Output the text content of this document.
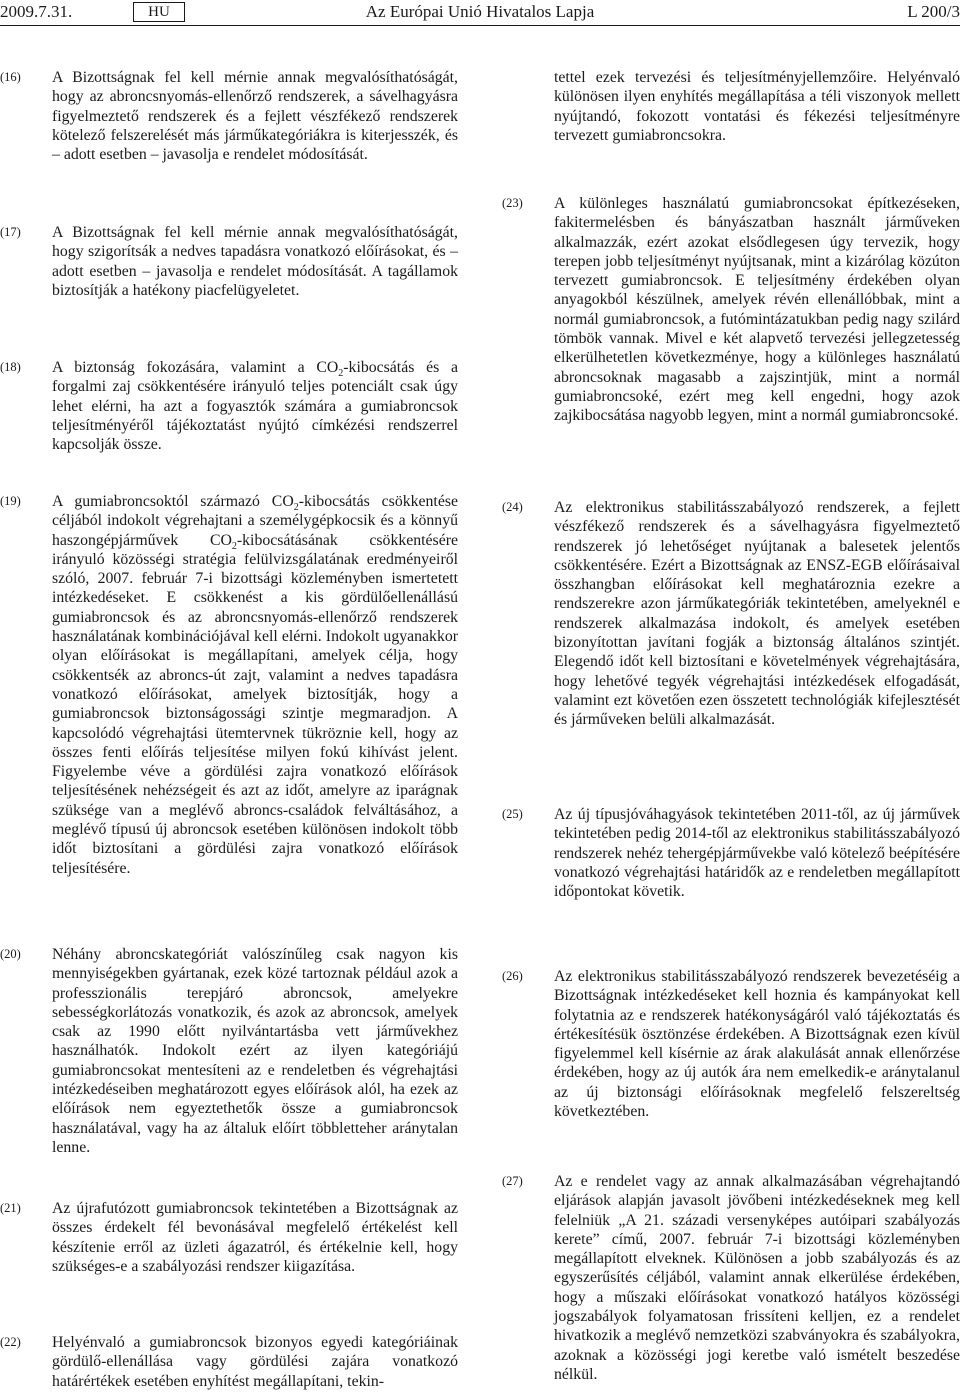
2009.7.31.	HU	Az Európai Unió Hivatalos Lapja	L 200/3
(16) A Bizottságnak fel kell mérnie annak megvalósíthatóságát, hogy az abroncsnyomás-ellenőrző rendszerek, a sávelhagyásra figyelmeztető rendszerek és a fejlett vészfékező rendszerek kötelező felszerelését más járműkategóriákra is kiterjesszék, és – adott esetben – javasolja e rendelet módosítását.
(17) A Bizottságnak fel kell mérnie annak megvalósíthatóságát, hogy szigorítsák a nedves tapadásra vonatkozó előírásokat, és – adott esetben – javasolja e rendelet módosítását. A tagállamok biztosítják a hatékony piacfelügyeletet.
(18) A biztonság fokozására, valamint a $CO_2$-kibocsátás és a forgalmi zaj csökkentésére irányuló teljes potenciált csak úgy lehet elérni, ha azt a fogyasztók számára a gumiabroncsok teljesítményéről tájékoztatást nyújtó címkézési rendszerrel kapcsolják össze.
tettel ezek tervezési és teljesítményjellemzőire. Helyénvaló különösen ilyen enyhítés megállapítása a téli viszonyok mellett nyújtandó, fokozott vontatási és fékezési teljesítményre tervezett gumiabroncsokra.
(23) A különleges használatú gumiabroncsokat építkezéseken, fakitermelésben és bányászatban használt járműveken alkalmazzák, ezért azokat elsődlegesen úgy tervezik, hogy terepen jobb teljesítményt nyújtsanak, mint a kizárólag közúton tervezett gumiabroncsok. E teljesítmény érdekében olyan anyagokból készülnek, amelyek révén ellenállóbbak, mint a normál gumiabroncsok, a futómintázatukban pedig nagy szilárd tömbök vannak. Mivel e két alapvető tervezési jellegzetesség elkerülhetetlen következménye, hogy a különleges használatú abroncsoknak magasabb a zajszintjük, mint a normál gumiabroncsoké, ezért meg kell engedni, hogy azok zajkibocsátása nagyobb legyen, mint a normál gumiabroncsoké.
(19) A gumiabroncsoktól származó $CO_2$-kibocsátás csökkentése céljából indokolt végrehajtani a személygépkocsik és a könnyű haszongépjárművek $CO_2$-kibocsátásának csökkentésére irányuló közösségi stratégia felülvizsgálatának eredményeiről szóló, 2007. február 7-i bizottsági közleményben ismertetett intézkedéseket. E csökkenést a kis gördülőellenállású gumiabroncsok és az abroncsnyomás-ellenőrző rendszerek használatának kombinációjával kell elérni. Indokolt ugyanakkor olyan előírásokat is megállapítani, amelyek célja, hogy csökkentsék az abroncs-út zajt, valamint a nedves tapadásra vonatkozó előírásokat, amelyek biztosítják, hogy a gumiabroncsok biztonságossági szintje megmaradjon. A kapcsolódó végrehajtási ütemtervnek tükröznie kell, hogy az összes fenti előírás teljesítése milyen fokú kihívást jelent. Figyelembe véve a gördülési zajra vonatkozó előírások teljesítésének nehézségeit és azt az időt, amelyre az iparágnak szüksége van a meglévő abroncs-családok felváltásához, a meglévő típusú új abroncsok esetében különösen indokolt több időt biztosítani a gördülési zajra vonatkozó előírások teljesítésére.
(20) Néhány abroncskategóriát valószínűleg csak nagyon kis mennyiségekben gyártanak, ezek közé tartoznak például azok a professzionális terepjáró abroncsok, amelyekre sebességkorlátozás vonatkozik, és azok az abroncsok, amelyek csak az 1990 előtt nyilvántartásba vett járművekhez használhatók. Indokolt ezért az ilyen kategóriájú gumiabroncsokat mentesíteni az e rendeletben és végrehajtási intézkedéseiben meghatározott egyes előírások alól, ha ezek az előírások nem egyeztethetők össze a gumiabroncsok használatával, vagy ha az általuk előírt többletteher aránytalan lenne.
(21) Az újrafutózott gumiabroncsok tekintetében a Bizottságnak az összes érdekelt fél bevonásával megfelelő értékelést kell készítenie erről az üzleti ágazatról, és értékelnie kell, hogy szükséges-e a szabályozási rendszer kiigazítása.
(22) Helyénvaló a gumiabroncsok bizonyos egyedi kategóriáinak gördülő-ellenállása vagy gördülési zajára vonatkozó határértékek esetében enyhítést megállapítani, tekin-
(24) Az elektronikus stabilitásszabályozó rendszerek, a fejlett vészfékező rendszerek és a sávelhagyásra figyelmeztető rendszerek jó lehetőséget nyújtanak a balesetek jelentős csökkentésére. Ezért a Bizottságnak az ENSZ-EGB előírásaival összhangban előírásokat kell meghatároznia ezekre a rendszerekre azon járműkategóriák tekintetében, amelyeknél e rendszerek alkalmazása indokolt, és amelyek esetében bizonyítottan javítani fogják a biztonság általános szintjét. Elegendő időt kell biztosítani e követelmények végrehajtására, hogy lehetővé tegyék végrehajtási intézkedések elfogadását, valamint ezt követően ezen összetett technológiák kifejlesztését és járműveken belüli alkalmazását.
(25) Az új típusjóváhagyások tekintetében 2011-től, az új járművek tekintetében pedig 2014-től az elektronikus stabilitásszabályozó rendszerek nehéz tehergépjárművekbe való kötelező beépítésére vonatkozó végrehajtási határidők az e rendeletben megállapított időpontokat követik.
(26) Az elektronikus stabilitásszabályozó rendszerek bevezetéséig a Bizottságnak intézkedéseket kell hoznia és kampányokat kell folytatnia az e rendszerek hatékonyságáról való tájékoztatás és értékesítésük ösztönzése érdekében. A Bizottságnak ezen kívül figyelemmel kell kísérnie az árak alakulását annak ellenőrzése érdekében, hogy az új autók ára nem emelkedik-e aránytalanul az új biztonsági előírásoknak megfelelő felszereltség következtében.
(27) Az e rendelet vagy az annak alkalmazásában végrehajtandó eljárások alapján javasolt jövőbeni intézkedéseknek meg kell felelniük „A 21. századi versenyképes autóipari szabályozás kerete” című, 2007. február 7-i bizottsági közleményben megállapított elveknek. Különösen a jobb szabályozás és az egyszerűsítés céljából, valamint annak elkerülése érdekében, hogy a műszaki előírásokat vonatkozó hatályos közösségi jogszabályok folyamatosan frissíteni kelljen, ez a rendelet hivatkozik a meglévő nemzetközi szabványokra és szabályokra, azoknak a közösségi jogi keretbe való ismételt beszedése nélkül.
